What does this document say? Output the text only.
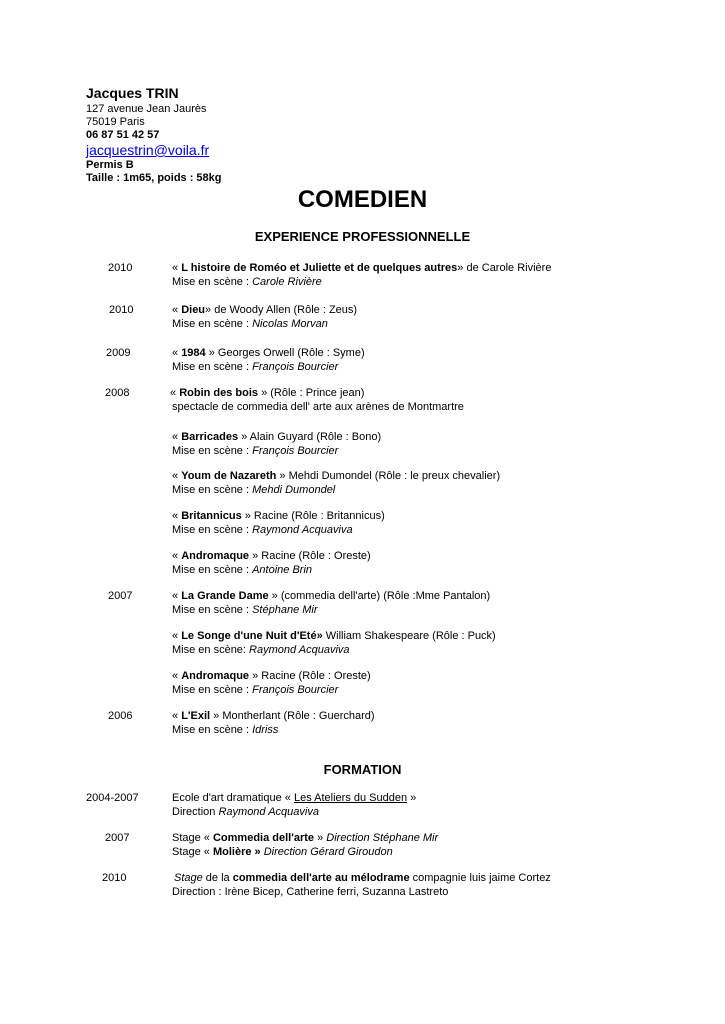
Jacques TRIN
127 avenue Jean Jaurès
75019 Paris
06 87 51 42 57
jacquestrin@voila.fr
Permis B
Taille : 1m65, poids : 58kg
COMEDIEN
EXPERIENCE PROFESSIONNELLE
2010	« L histoire de Roméo et Juliette et de quelques autres» de Carole Rivière
Mise en scène : Carole Rivière
2010	« Dieu» de Woody Allen (Rôle : Zeus)
Mise en scène : Nicolas Morvan
2009	« 1984 » Georges Orwell (Rôle : Syme)
Mise en scène : François Bourcier
2008	« Robin des bois » (Rôle : Prince jean)
spectacle de commedia dell' arte aux arènes de Montmartre
« Barricades » Alain Guyard (Rôle : Bono)
Mise en scène : François Bourcier
« Youm de Nazareth » Mehdi Dumondel (Rôle : le preux chevalier)
Mise en scène : Mehdi Dumondel
« Britannicus » Racine (Rôle : Britannicus)
Mise en scène : Raymond Acquaviva
« Andromaque » Racine (Rôle : Oreste)
Mise en scène : Antoine Brin
2007	« La Grande Dame » (commedia dell'arte) (Rôle :Mme Pantalon)
Mise en scène : Stéphane Mir
« Le Songe d'une Nuit d'Eté» William Shakespeare (Rôle : Puck)
Mise en scène: Raymond Acquaviva
« Andromaque » Racine (Rôle : Oreste)
Mise en scène : François Bourcier
2006	« L'Exil » Montherlant (Rôle : Guerchard)
Mise en scène : Idriss
FORMATION
2004-2007	Ecole d'art dramatique « Les Ateliers du Sudden »
Direction Raymond Acquaviva
2007	Stage « Commedia dell'arte » Direction Stéphane Mir
Stage « Molière » Direction Gérard Giroudon
2010	Stage de la commedia dell'arte au mélodrame compagnie luis jaime Cortez
Direction : Irène Bicep, Catherine ferri, Suzanna Lastreto
